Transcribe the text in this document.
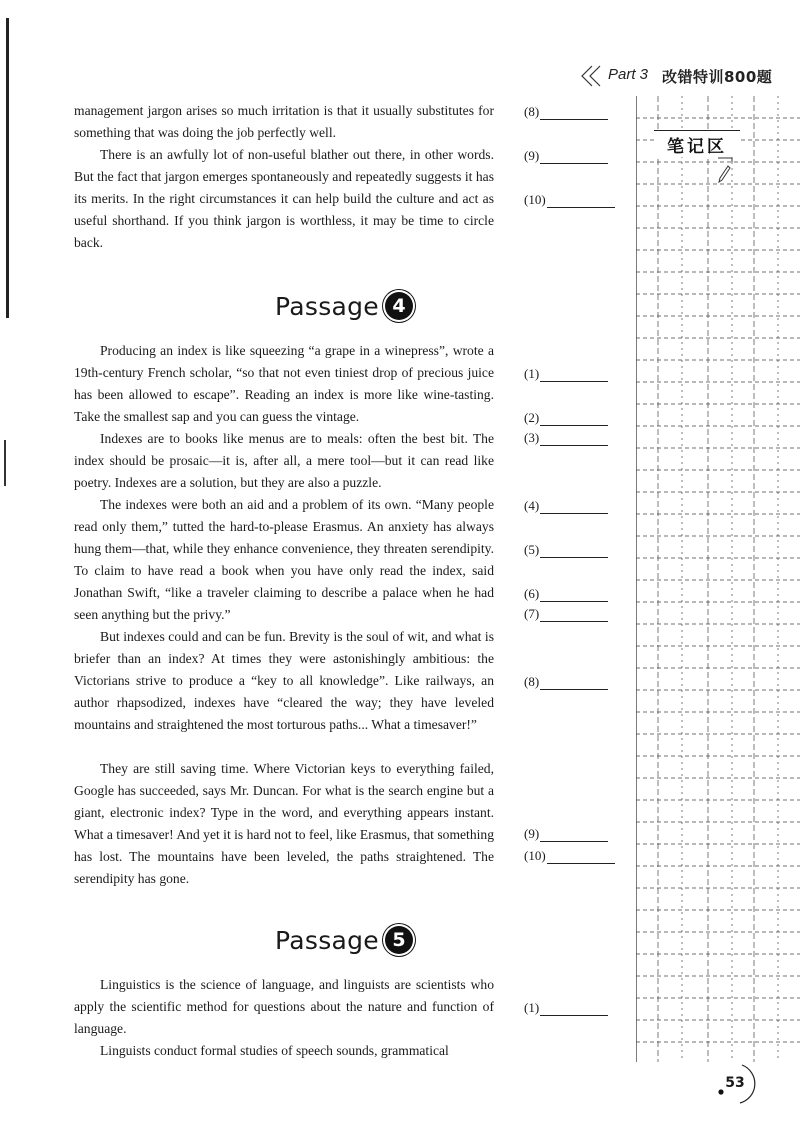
Part 3 改错特训800题
笔记区

management jargon arises so much irritation is that it usually substitutes for something that was doing the job perfectly well.

There is an awfully lot of non-useful blather out there, in other words. But the fact that jargon emerges spontaneously and repeatedly suggests it has its merits. In the right circumstances it can help build the culture and act as useful shorthand. If you think jargon is worthless, it may be time to circle back.

(8)
(9)
(10)
Passage 4

Producing an index is like squeezing “a grape in a winepress”, wrote a 19th-century French scholar, “so that not even tiniest drop of precious juice has been allowed to escape”. Reading an index is more like wine-tasting. Take the smallest sap and you can guess the vintage.

Indexes are to books like menus are to meals: often the best bit. The index should be prosaic—it is, after all, a mere tool—but it can read like poetry. Indexes are a solution, but they are also a puzzle.

The indexes were both an aid and a problem of its own. “Many people read only them,” tutted the hard-to-please Erasmus. An anxiety has always hung them—that, while they enhance convenience, they threaten serendipity. To claim to have read a book when you have only read the index, said Jonathan Swift, “like a traveler claiming to describe a palace when he had seen anything but the privy.”

But indexes could and can be fun. Brevity is the soul of wit, and what is briefer than an index? At times they were astonishingly ambitious: the Victorians strive to produce a “key to all knowledge”. Like railways, an author rhapsodized, indexes have “cleared the way; they have leveled mountains and straightened the most torturous paths... What a timesaver!”

They are still saving time. Where Victorian keys to everything failed, Google has succeeded, says Mr. Duncan. For what is the search engine but a giant, electronic index? Type in the word, and everything appears instant. What a timesaver! And yet it is hard not to feel, like Erasmus, that something has lost. The mountains have been leveled, the paths straightened. The serendipity has gone.

(1)
(2)
(3)
(4)
(5)
(6)
(7)
(8)
(9)
(10)
Passage 5

Linguistics is the science of language, and linguists are scientists who apply the scientific method for questions about the nature and function of language.

Linguists conduct formal studies of speech sounds, grammatical

(1)
53
